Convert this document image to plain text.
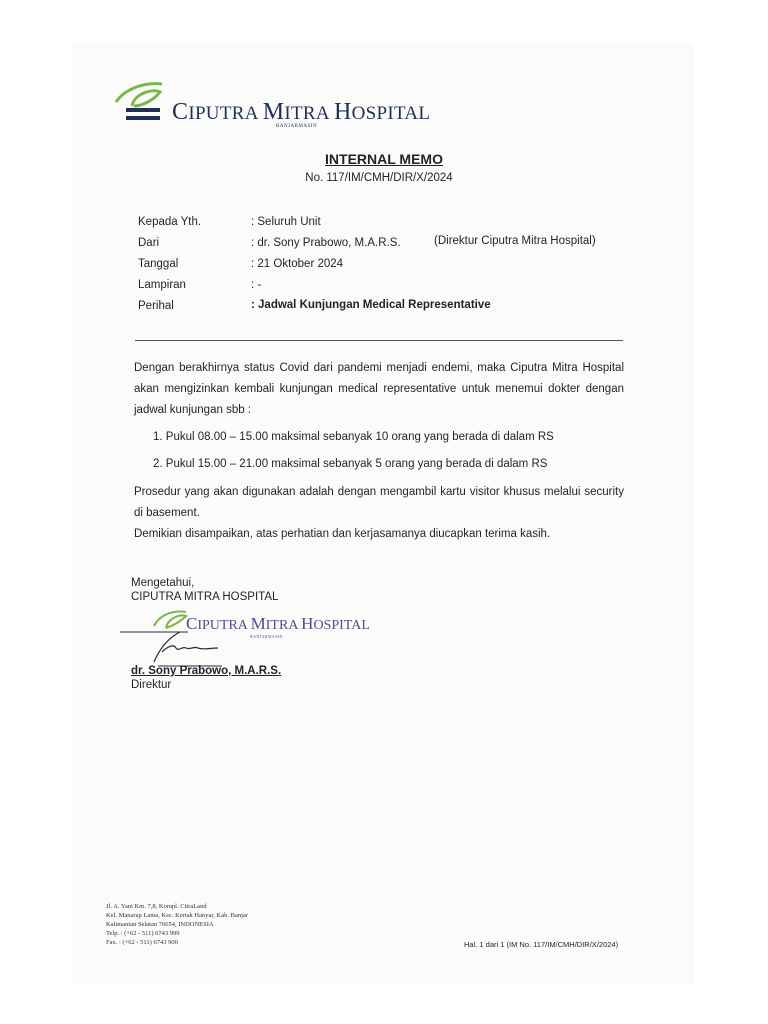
CIPUTRA MITRA HOSPITAL
BANJARMASIN
INTERNAL MEMO
No. 117/IM/CMH/DIR/X/2024
Kepada Yth.	: Seluruh Unit
Dari	: dr. Sony Prabowo, M.A.R.S.	(Direktur Ciputra Mitra Hospital)
Tanggal	: 21 Oktober 2024
Lampiran	: -
Perihal	: Jadwal Kunjungan Medical Representative
Dengan berakhirnya status Covid dari pandemi menjadi endemi, maka Ciputra Mitra Hospital akan mengizinkan kembali kunjungan medical representative untuk menemui dokter dengan jadwal kunjungan sbb :
1. Pukul 08.00 – 15.00 maksimal sebanyak 10 orang yang berada di dalam RS
2. Pukul 15.00 – 21.00 maksimal sebanyak 5 orang yang berada di dalam RS
Prosedur yang akan digunakan adalah dengan mengambil kartu visitor khusus melalui security di basement.
Demikian disampaikan, atas perhatian dan kerjasamanya diucapkan terima kasih.
Mengetahui,
CIPUTRA MITRA HOSPITAL
CIPUTRA MITRA HOSPITAL
BANJARMASIN
dr. Sony Prabowo, M.A.R.S.
Direktur
Jl. A. Yani Km. 7,8, Kompl. CitraLand
Kel. Manarap Lama, Kec. Kertak Hanyar, Kab. Banjar
Kalimantan Selatan 70654, INDONESIA
Telp. : (+62 - 511) 6743 999
Fax. : (+62 - 511) 6743 900	Hal. 1 dari 1 (IM No. 117/IM/CMH/DIR/X/2024)
